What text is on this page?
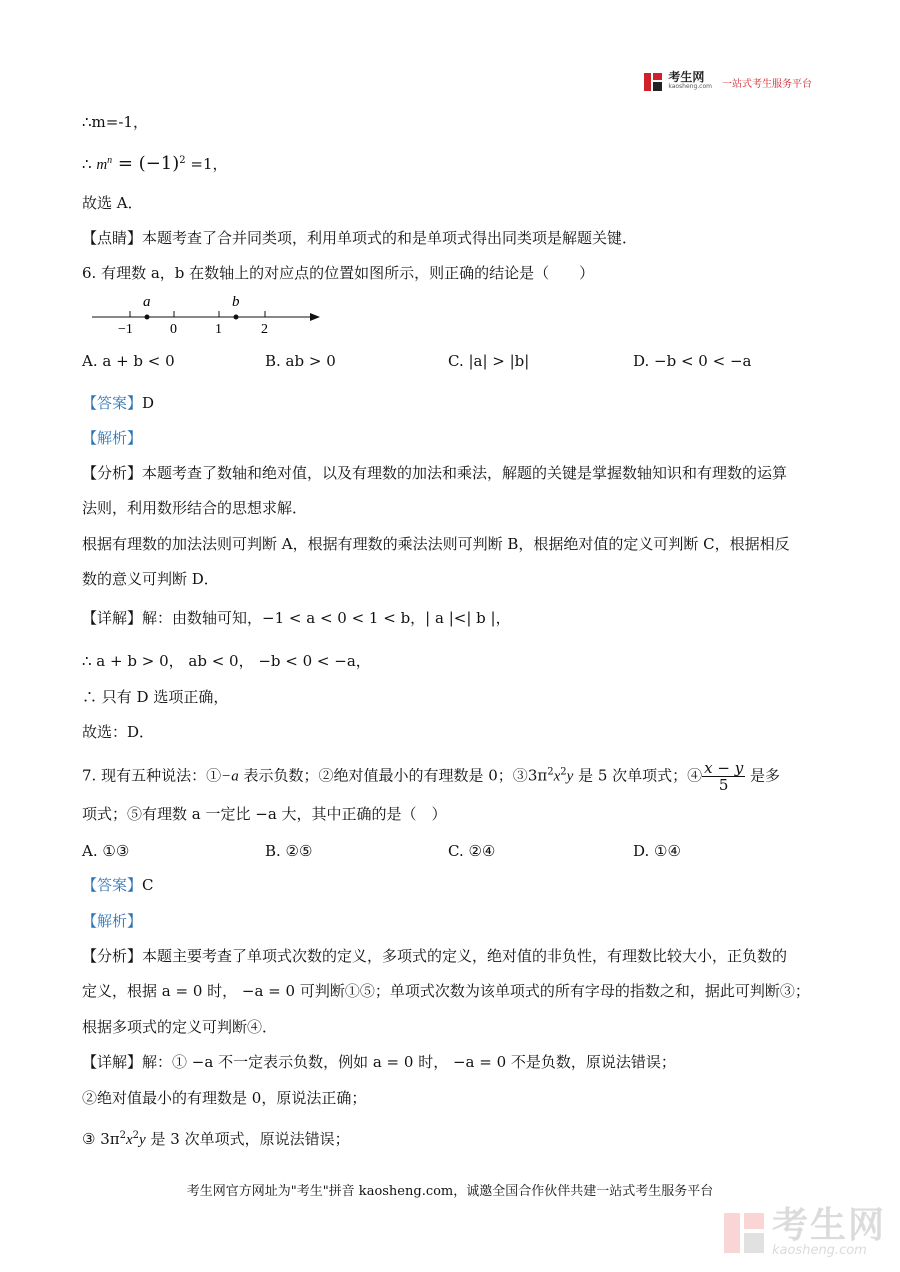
考生网
kaosheng.com 一站式考生服务平台
∴m=-1，
∴ $m^n = (-1)^2 =1$，
故选 A．
【点睛】本题考查了合并同类项，利用单项式的和是单项式得出同类项是解题关键．
6. 有理数 a，b 在数轴上的对应点的位置如图所示，则正确的结论是（　　）
a	b
−1	0	1	2
A. a + b < 0	B. ab > 0	C. |a| > |b|	D. −b < 0 < −a
【答案】D
【解析】
【分析】本题考查了数轴和绝对值，以及有理数的加法和乘法，解题的关键是掌握数轴知识和有理数的运算
法则，利用数形结合的思想求解．
根据有理数的加法法则可判断 A，根据有理数的乘法法则可判断 B，根据绝对值的定义可判断 C，根据相反
数的意义可判断 D．
【详解】解：由数轴可知，−1 < a < 0 < 1 < b，| a |<| b |，
∴ a + b > 0， ab < 0， −b < 0 < −a，
∴ 只有 D 选项正确，
故选：D．
7. 现有五种说法：①−a 表示负数；②绝对值最小的有理数是 0；$③3\pi^2x^2y$ 是 5 次单项式；④ $\frac{x - y}{5}$ 是多
项式；⑤有理数 a 一定比 −a 大，其中正确的是（　）
A. ①③	B. ②⑤	C. ②④	D. ①④
【答案】C
【解析】
【分析】本题主要考查了单项式次数的定义，多项式的定义，绝对值的非负性，有理数比较大小，正负数的
定义，根据 a = 0 时， −a = 0 可判断①⑤；单项式次数为该单项式的所有字母的指数之和，据此可判断③；
根据多项式的定义可判断④．
【详解】解：① −a 不一定表示负数，例如 a = 0 时， −a = 0 不是负数，原说法错误；
②绝对值最小的有理数是 0，原说法正确；
③ $3\pi^2x^2y$ 是 3 次单项式，原说法错误；
考生网官方网址为"考生"拼音 kaosheng.com，诚邀全国合作伙伴共建一站式考生服务平台
考生网
kaosheng.com
